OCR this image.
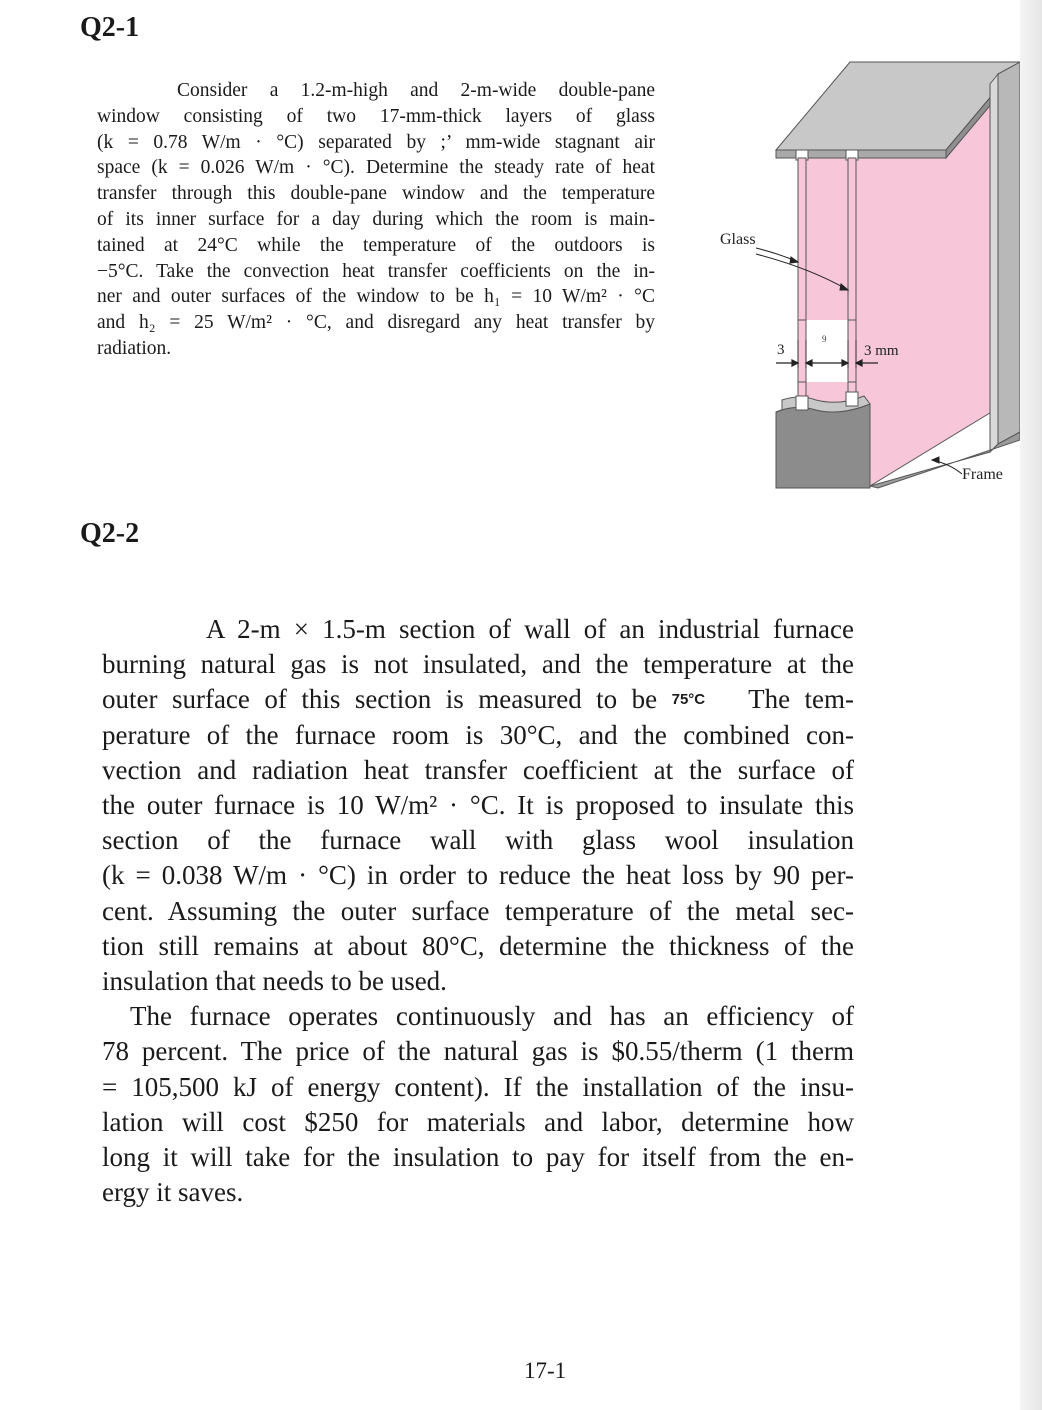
Q2-1
Consider a 1.2-m-high and 2-m-wide double-pane
window consisting of two 17-mm-thick layers of glass
(k = 0.78 W/m · °C) separated by ;’ mm-wide stagnant air
space (k = 0.026 W/m · °C). Determine the steady rate of heat
transfer through this double-pane window and the temperature
of its inner surface for a day during which the room is main-
tained at 24°C while the temperature of the outdoors is
−5°C. Take the convection heat transfer coefficients on the in-
ner and outer surfaces of the window to be h₁ = 10 W/m² · °C
and h₂ = 25 W/m² · °C, and disregard any heat transfer by
radiation.
Glass
3
9
3 mm
Frame
Q2-2
A 2-m × 1.5-m section of wall of an industrial furnace
burning natural gas is not insulated, and the temperature at the
outer surface of this section is measured to be 75°C   The tem-
perature of the furnace room is 30°C, and the combined con-
vection and radiation heat transfer coefficient at the surface of
the outer furnace is 10 W/m² · °C. It is proposed to insulate this
section of the furnace wall with glass wool insulation
(k = 0.038 W/m · °C) in order to reduce the heat loss by 90 per-
cent. Assuming the outer surface temperature of the metal sec-
tion still remains at about 80°C, determine the thickness of the
insulation that needs to be used.
The furnace operates continuously and has an efficiency of
78 percent. The price of the natural gas is $0.55/therm (1 therm
= 105,500 kJ of energy content). If the installation of the insu-
lation will cost $250 for materials and labor, determine how
long it will take for the insulation to pay for itself from the en-
ergy it saves.

17-1
